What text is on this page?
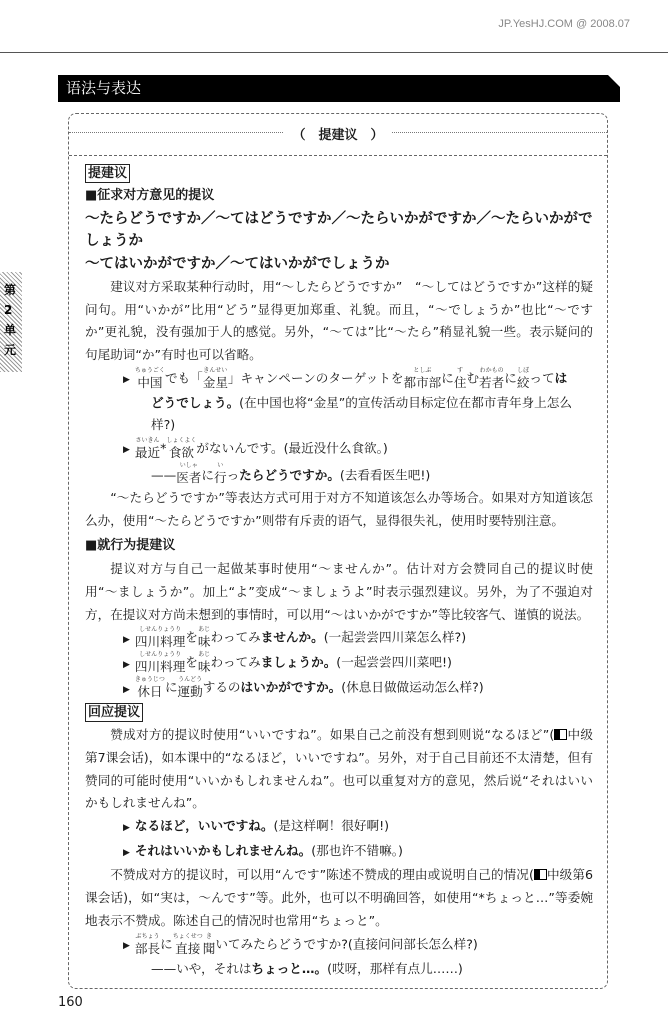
JP.YesHJ.COM @ 2008.07
语法与表达
第2单元
（　提建议　）
提建议
■征求对方意见的提议
～たらどうですか／～てはどうですか／～たらいかがですか／～たらいかがでしょうか
～てはいかがですか／～てはいかがでしょうか

建议对方采取某种行动时，用“～したらどうですか”　“～してはどうですか”这样的疑问句。用“いかが”比用“どう”显得更加郑重、礼貌。而且，“～でしょうか”也比“～ですか”更礼貌，没有强加于人的感觉。另外，“～ては”比“～たら”稍显礼貌一些。表示疑问的句尾助词“か”有时也可以省略。

▶
ちゅうごく
中国 でも「 きんせい
金星 」キャンペーンのターゲットを	としぶ
都市部 に す
住 む わかもの
若者 に しぼ
絞 っては
どうでしょう。(在中国也将“金星”的宣传活动目标定位在都市青年身上怎么样?)
▶
さいきん
最近 * しょくよく
食欲 がないんです。(最近没什么食欲。)
——
いしゃ
医者 に
い
行 ったらどうですか。(去看看医生吧!)

“～たらどうですか”等表达方式可用于对方不知道该怎么办等场合。如果对方知道该怎么办，使用“～たらどうですか”则带有斥责的语气，显得很失礼，使用时要特别注意。

■就行为提建议

提议对方与自己一起做某事时使用“～ませんか”。估计对方会赞同自己的提议时使用“～ましょうか”。加上“よ”变成“～ましょうよ”时表示强烈建议。另外，为了不强迫对方，在提议对方尚未想到的事情时，可以用“～はいかがですか”等比较客气、谨慎的说法。

▶
しせんりょうり
四川料理 を あじ
味 わってみませんか。(一起尝尝四川菜怎么样?)
▶
しせんりょうり
四川料理 を あじ
味 わってみましょうか。(一起尝尝四川菜吧!)
▶
きゅうじつ
休日 に うんどう
運動 するのはいかがですか。(休息日做做运动怎么样?)
回应提议

赞成对方的提议时使用“いいですね”。如果自己之前没有想到则说“なるほど”( 中级第7课会话)，如本课中的“なるほど，いいですね”。另外，对于自己目前还不太清楚，但有赞同的可能时使用“いいかもしれませんね”。也可以重复对方的意见，然后说“それはいいかもしれませんね”。

▶ なるほど，いいですね。(是这样啊！很好啊!)
▶ それはいいかもしれませんね。(那也许不错嘛。)

不赞成对方的提议时，可以用“んです”陈述不赞成的理由或说明自己的情况( 中级第6课会话)，如“実は，～んです”等。此外，也可以不明确回答，如使用“*ちょっと…”等委婉地表示不赞成。陈述自己的情况时也常用“ちょっと”。

▶
ぶちょう
部長 に ちょくせつ
直接
き
聞 いてみたらどうですか?(直接问问部长怎么样?)
——いや，それはちょっと…。(哎呀，那样有点儿……)
160
